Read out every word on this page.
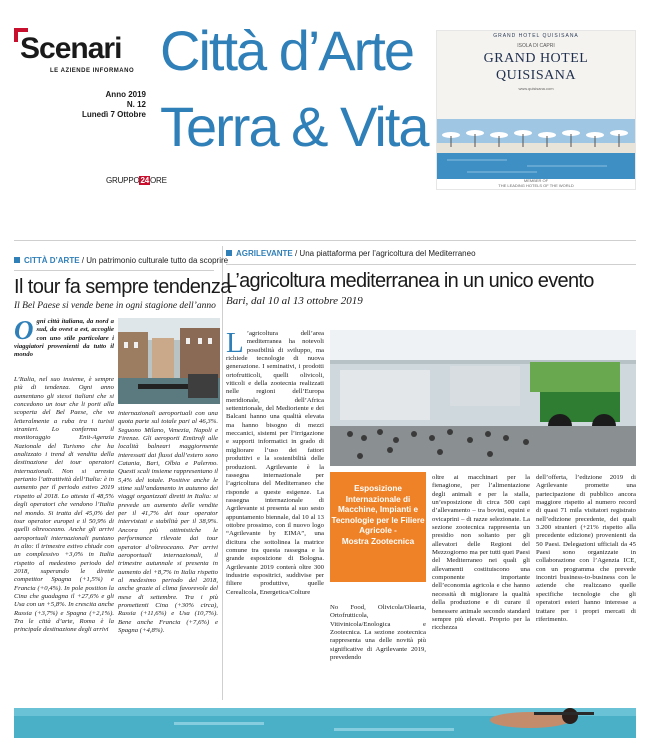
Scenari
LE AZIENDE INFORMANO
Anno 2019
N. 12
Lunedì 7 Ottobre
GRUPPO24ORE
Città d’Arte
Terra & Vita
GRAND HOTEL QUISISANA
ISOLA DI CAPRI
GRAND HOTEL
QUISISANA
www.quisisana.com
MEMBER OF
THE LEADING HOTELS OF THE WORLD
CITTÀ D’ARTE / Un patrimonio culturale tutto da scoprire
Il tour fa sempre tendenza
Il Bel Paese si vende bene in ogni stagione dell’anno
Ogni città italiana, da nord a sud, da ovest a est, accoglie con uno stile particolare i viaggiatori provenienti da tutto il mondo
L’Italia, nel suo insieme, è sempre più di tendenza. Ogni anno aumentano gli stessi italiani che si concedono un tour che li porti alla scoperta del Bel Paese, che va letteralmente a ruba tra i turisti stranieri. Lo conferma il monitoraggio Enit-Agenzia Nazionale del Turismo che ha analizzato i trend di vendita della destinazione dei tour operatori internazionali. Non si arresta pertanto l’attrattività dell’Italia: è in aumento per il periodo estivo 2019 rispetto al 2018. Lo attesta il 48,5% degli operatori che vendono l’Italia nel mondo. Si tratta del 45,0% dei tour operator europei e il 50,9% di quelli oltreoceano. Anche gli arrivi aeroportuali internazionali puntano in alto: il trimestre estivo chiude con un complessivo +3,0% in Italia rispetto al medesimo periodo del 2018, superando le dirette competitor Spagna (+1,5%) e Francia (+0,4%). In pole position la Cina che guadagna il +27,6% e gli Usa con un +5,8%. In crescita anche Russia (+3,7%) e Spagna (+2,1%). Tra le città d’arte, Roma è la principale destinazione degli arrivi
internazionali aeroportuali con una quota parte sul totale pari al 46,3%. Seguono Milano, Venezia, Napoli e Firenze. Gli aeroporti Emitrofi alle località balneari maggiormente interessati dai flussi dall’estero sono Catania, Bari, Olbia e Palermo. Questi scali insieme rappresentano il 5,4% del totale. Positive anche le stime sull’andamento in autunno dei viaggi organizzati diretti in Italia: si prevede un aumento delle vendite per il 41,7% dei tour operator intervistati e stabilità per il 38,9%. Ancora più ottimistiche le performance rilevate dai tour operator d’oltreoceano. Per arrivi aeroportuali internazionali, il trimestre autunnale si presenta in aumento del +8,7% in Italia rispetto al medesimo periodo del 2018, anche grazie al clima favorevole del mese di settembre. Tra i più promettenti Cina (+30% circa), Russia (+11,6%) e Usa (10,7%). Bene anche Francia (+7,6%) e Spagna (+4,8%).
AGRILEVANTE / Una piattaforma per l’agricoltura del Mediterraneo
L’agricoltura mediterranea in un unico evento
Bari, dal 10 al 13 ottobre 2019
L ’agricoltura dell’area mediterranea ha notevoli possibilità di sviluppo, ma richiede tecnologie di nuova generazione. I seminativi, i prodotti ortofrutticoli, quelli olivicoli, viticoli e della zootecnia realizzati nelle regioni dell’Europa meridionale, dell’Africa settentrionale, del Medioriente e dei Balcani hanno una qualità elevata ma hanno bisogno di mezzi meccanici, sistemi per l’irrigazione e supporti informatici in grado di migliorare l’uso dei fattori produttivi e la sostenibilità delle produzioni. Agrilevante è la rassegna internazionale per l’agricoltura del Mediterraneo che risponde a queste esigenze. La rassegna internazionale di Agrilevante si presenta al suo sesto appuntamento biennale, dal 10 al 13 ottobre prossimo, con il nuovo logo “Agrilevante by EIMA”, una dicitura che sottolinea la matrice comune tra questa rassegna e la grande esposizione di Bologna. Agrilevante 2019 conterà oltre 300 industrie espositrici, suddivise per filiere produttive, quelle Cerealicola, Energetica/Colture
Esposizione
Internazionale di
Macchine, Impianti e
Tecnologie per le Filiere
Agricole -
Mostra Zootecnica
No Food, Olivicola/Olearia, Ortofrutticola, Vitivinicola/Enologica e Zootecnica. La sezione zootecnica rappresenta una delle novità più significative di Agrilevante 2019, prevedendo
oltre ai macchinari per la fienagione, per l’alimentazione degli animali e per la stalla, un’esposizione di circa 500 capi d’allevamento – tra bovini, equini e ovicaprini – di razze selezionate. La sezione zootecnica rappresenta un presidio non soltanto per gli allevatori delle Regioni del Mezzogiorno ma per tutti quei Paesi del Mediterraneo nei quali gli allevamenti costituiscono una componente importante dell’economia agricola e che hanno necessità di migliorare la qualità della produzione e di curare il benessere animale secondo standard sempre più elevati. Proprio per la ricchezza
dell’offerta, l’edizione 2019 di Agrilevante promette una partecipazione di pubblico ancora maggiore rispetto al numero record di quasi 71 mila visitatori registrato nell’edizione precedente, dei quali 3.200 stranieri (+21% rispetto alla precedente edizione) provenienti da 50 Paesi. Delegazioni ufficiali da 45 Paesi sono organizzate in collaborazione con l’Agenzia ICE, con un programma che prevede incontri business-to-business con le aziende che realizzano quelle specifiche tecnologie che gli operatori esteri hanno interesse a trattare per i propri mercati di riferimento.
